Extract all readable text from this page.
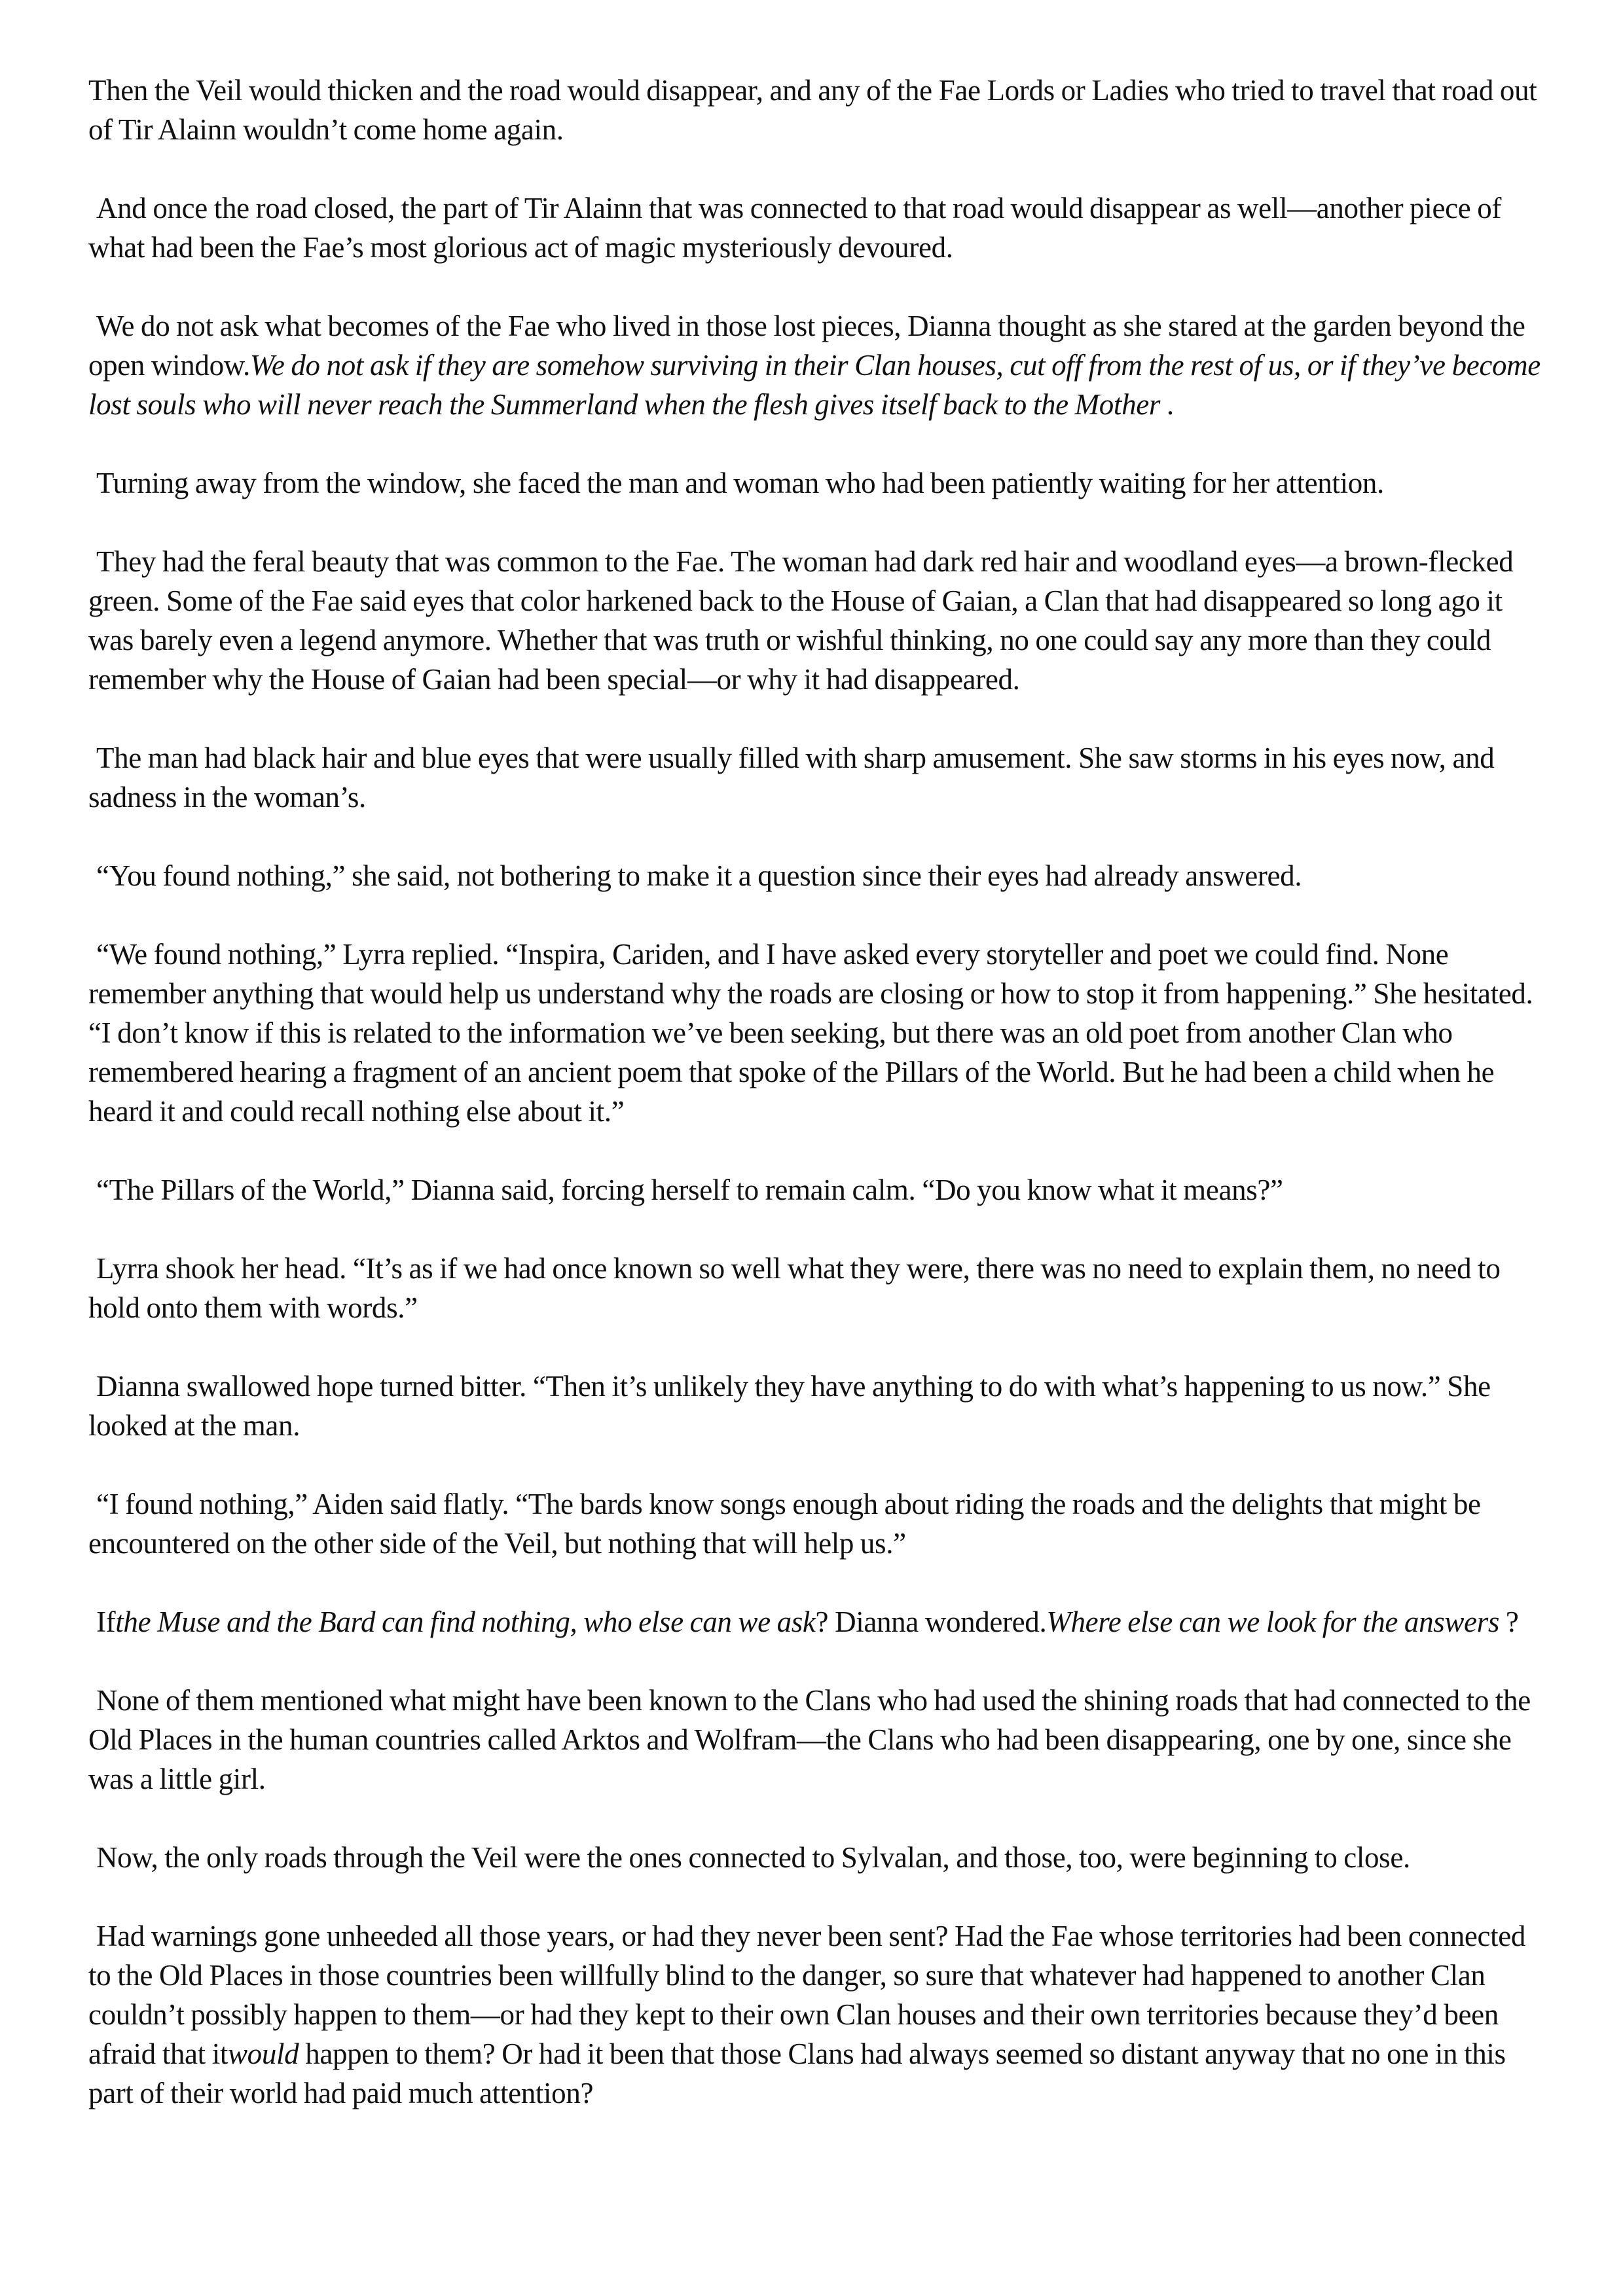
Then the Veil would thicken and the road would disappear, and any of the Fae Lords or Ladies who tried to travel that road out of Tir Alainn wouldn’t come home again.

And once the road closed, the part of Tir Alainn that was connected to that road would disappear as well—another piece of what had been the Fae’s most glorious act of magic mysteriously devoured.

We do not ask what becomes of the Fae who lived in those lost pieces, Dianna thought as she stared at the garden beyond the open window.We do not ask if they are somehow surviving in their Clan houses, cut off from the rest of us, or if they’ve become lost souls who will never reach the Summerland when the flesh gives itself back to the Mother .

Turning away from the window, she faced the man and woman who had been patiently waiting for her attention.

They had the feral beauty that was common to the Fae. The woman had dark red hair and woodland eyes—a brown-flecked green. Some of the Fae said eyes that color harkened back to the House of Gaian, a Clan that had disappeared so long ago it was barely even a legend anymore. Whether that was truth or wishful thinking, no one could say any more than they could remember why the House of Gaian had been special—or why it had disappeared.

The man had black hair and blue eyes that were usually filled with sharp amusement. She saw storms in his eyes now, and sadness in the woman’s.

“You found nothing,” she said, not bothering to make it a question since their eyes had already answered.

“We found nothing,” Lyrra replied. “Inspira, Cariden, and I have asked every storyteller and poet we could find. None remember anything that would help us understand why the roads are closing or how to stop it from happening.” She hesitated. “I don’t know if this is related to the information we’ve been seeking, but there was an old poet from another Clan who remembered hearing a fragment of an ancient poem that spoke of the Pillars of the World. But he had been a child when he heard it and could recall nothing else about it.”

“The Pillars of the World,” Dianna said, forcing herself to remain calm. “Do you know what it means?”

Lyrra shook her head. “It’s as if we had once known so well what they were, there was no need to explain them, no need to hold onto them with words.”

Dianna swallowed hope turned bitter. “Then it’s unlikely they have anything to do with what’s happening to us now.” She looked at the man.

“I found nothing,” Aiden said flatly. “The bards know songs enough about riding the roads and the delights that might be encountered on the other side of the Veil, but nothing that will help us.”

Ifthe Muse and the Bard can find nothing, who else can we ask? Dianna wondered.Where else can we look for the answers ?

None of them mentioned what might have been known to the Clans who had used the shining roads that had connected to the Old Places in the human countries called Arktos and Wolfram—the Clans who had been disappearing, one by one, since she was a little girl.

Now, the only roads through the Veil were the ones connected to Sylvalan, and those, too, were beginning to close.

Had warnings gone unheeded all those years, or had they never been sent? Had the Fae whose territories had been connected to the Old Places in those countries been willfully blind to the danger, so sure that whatever had happened to another Clan couldn’t possibly happen to them—or had they kept to their own Clan houses and their own territories because they’d been afraid that itwould happen to them? Or had it been that those Clans had always seemed so distant anyway that no one in this part of their world had paid much attention?
